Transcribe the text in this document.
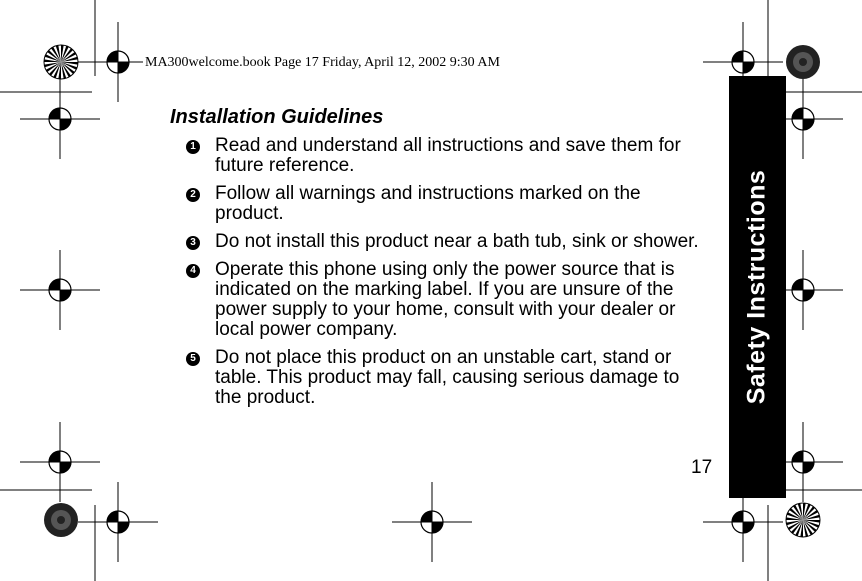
MA300welcome.book Page 17 Friday, April 12, 2002 9:30 AM
Safety Instructions
Installation Guidelines
1 Read and understand all instructions and save them for future reference.
2 Follow all warnings and instructions marked on the product.
3 Do not install this product near a bath tub, sink or shower.
4 Operate this phone using only the power source that is indicated on the marking label. If you are unsure of the power supply to your home, consult with your dealer or local power company.
5 Do not place this product on an unstable cart, stand or table. This product may fall, causing serious damage to the product.
17
